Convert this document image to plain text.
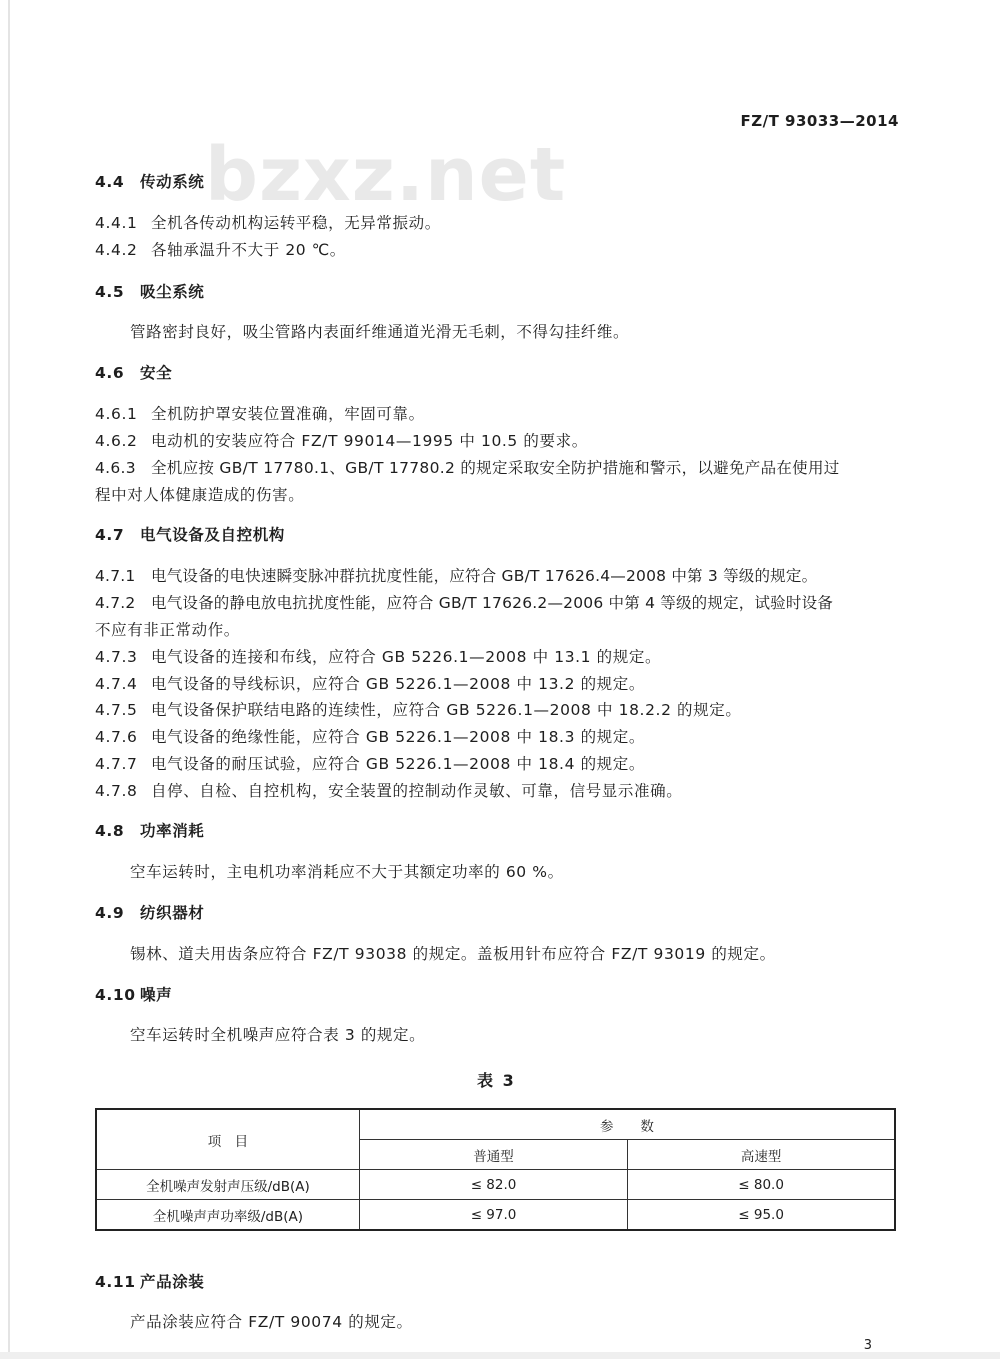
bzxz.net
FZ/T 93033—2014
4.4 传动系统
4.4.1 全机各传动机构运转平稳，无异常振动。
4.4.2 各轴承温升不大于 20 ℃。
4.5 吸尘系统
管路密封良好，吸尘管路内表面纤维通道光滑无毛刺，不得勾挂纤维。
4.6 安全
4.6.1 全机防护罩安装位置准确，牢固可靠。
4.6.2 电动机的安装应符合 FZ/T 99014—1995 中 10.5 的要求。
4.6.3 全机应按 GB/T 17780.1、GB/T 17780.2 的规定采取安全防护措施和警示，以避免产品在使用过
程中对人体健康造成的伤害。
4.7 电气设备及自控机构
4.7.1 电气设备的电快速瞬变脉冲群抗扰度性能，应符合 GB/T 17626.4—2008 中第 3 等级的规定。
4.7.2 电气设备的静电放电抗扰度性能，应符合 GB/T 17626.2—2006 中第 4 等级的规定，试验时设备
不应有非正常动作。
4.7.3 电气设备的连接和布线，应符合 GB 5226.1—2008 中 13.1 的规定。
4.7.4 电气设备的导线标识，应符合 GB 5226.1—2008 中 13.2 的规定。
4.7.5 电气设备保护联结电路的连续性，应符合 GB 5226.1—2008 中 18.2.2 的规定。
4.7.6 电气设备的绝缘性能，应符合 GB 5226.1—2008 中 18.3 的规定。
4.7.7 电气设备的耐压试验，应符合 GB 5226.1—2008 中 18.4 的规定。
4.7.8 自停、自检、自控机构，安全装置的控制动作灵敏、可靠，信号显示准确。
4.8 功率消耗
空车运转时，主电机功率消耗应不大于其额定功率的 60 %。
4.9 纺织器材
锡林、道夫用齿条应符合 FZ/T 93038 的规定。盖板用针布应符合 FZ/T 93019 的规定。
4.10 噪声
空车运转时全机噪声应符合表 3 的规定。
表 3
项　目	参　　数	
	普通型	高速型
全机噪声发射声压级/dB(A)	≤ 82.0	≤ 80.0
全机噪声声功率级/dB(A)	≤ 97.0	≤ 95.0
4.11 产品涂装
产品涂装应符合 FZ/T 90074 的规定。
3
